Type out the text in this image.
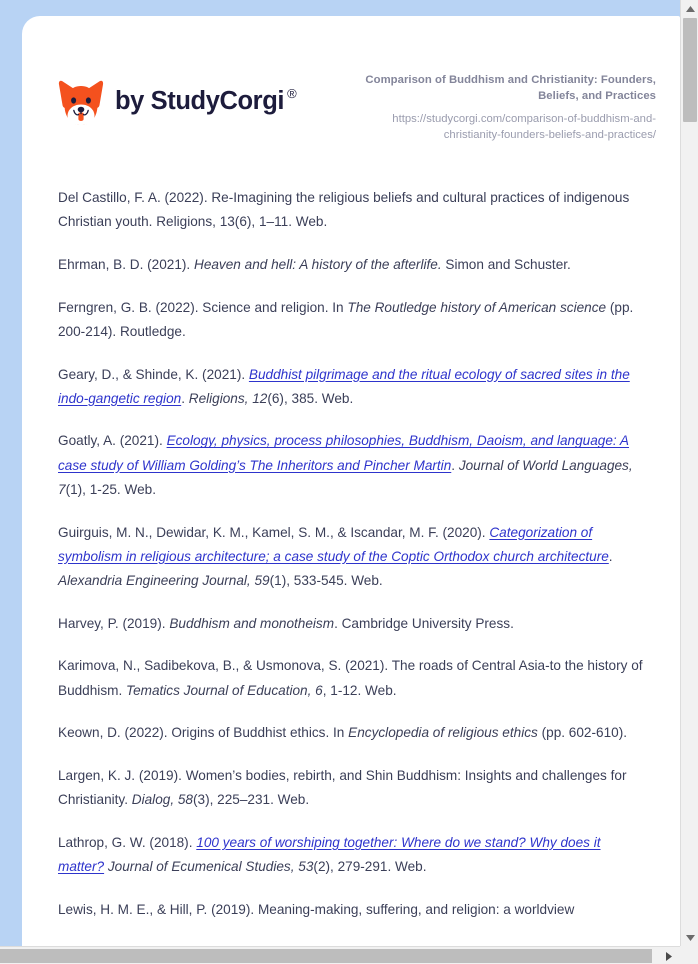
by StudyCorgi ®

Comparison of Buddhism and Christianity: Founders, Beliefs, and Practices

https://studycorgi.com/comparison-of-buddhism-and-christianity-founders-beliefs-and-practices/

Del Castillo, F. A. (2022). Re-Imagining the religious beliefs and cultural practices of indigenous Christian youth. Religions, 13(6), 1–11. Web.

Ehrman, B. D. (2021). Heaven and hell: A history of the afterlife. Simon and Schuster.

Ferngren, G. B. (2022). Science and religion. In The Routledge history of American science (pp. 200-214). Routledge.

Geary, D., & Shinde, K. (2021). Buddhist pilgrimage and the ritual ecology of sacred sites in the indo-gangetic region. Religions, 12(6), 385. Web.

Goatly, A. (2021). Ecology, physics, process philosophies, Buddhism, Daoism, and language: A case study of William Golding’s The Inheritors and Pincher Martin. Journal of World Languages, 7(1), 1-25. Web.

Guirguis, M. N., Dewidar, K. M., Kamel, S. M., & Iscandar, M. F. (2020). Categorization of symbolism in religious architecture; a case study of the Coptic Orthodox church architecture. Alexandria Engineering Journal, 59(1), 533-545. Web.

Harvey, P. (2019). Buddhism and monotheism. Cambridge University Press.

Karimova, N., Sadibekova, B., & Usmonova, S. (2021). The roads of Central Asia-to the history of Buddhism. Tematics Journal of Education, 6, 1-12. Web.

Keown, D. (2022). Origins of Buddhist ethics. In Encyclopedia of religious ethics (pp. 602-610).

Largen, K. J. (2019). Women’s bodies, rebirth, and Shin Buddhism: Insights and challenges for Christianity. Dialog, 58(3), 225–231. Web.

Lathrop, G. W. (2018). 100 years of worshiping together: Where do we stand? Why does it matter? Journal of Ecumenical Studies, 53(2), 279-291. Web.

Lewis, H. M. E., & Hill, P. (2019). Meaning-making, suffering, and religion: a worldview
